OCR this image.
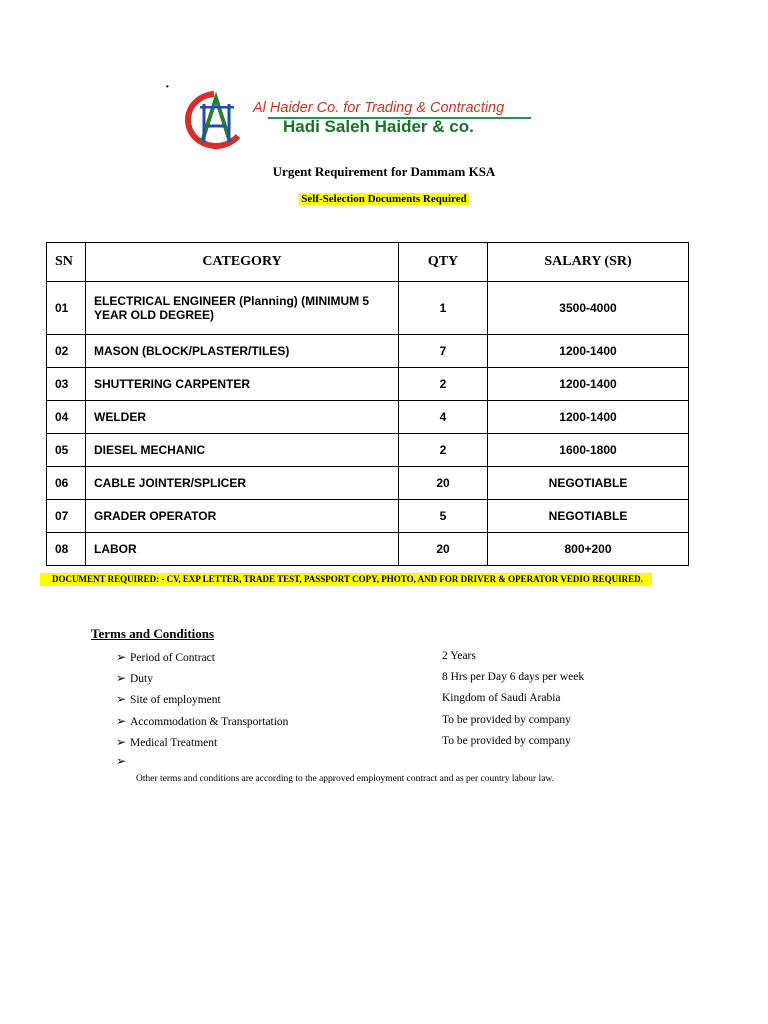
•
Al Haider Co. for Trading & Contracting
Hadi Saleh Haider & co.
Urgent Requirement for Dammam KSA
Self-Selection Documents Required
SN	CATEGORY	QTY	SALARY (SR)
01	ELECTRICAL ENGINEER (Planning) (MINIMUM 5 YEAR OLD DEGREE)	1	3500-4000
02	MASON (BLOCK/PLASTER/TILES)	7	1200-1400
03	SHUTTERING CARPENTER	2	1200-1400
04	WELDER	4	1200-1400
05	DIESEL MECHANIC	2	1600-1800
06	CABLE JOINTER/SPLICER	20	NEGOTIABLE
07	GRADER OPERATOR	5	NEGOTIABLE
08	LABOR	20	800+200
DOCUMENT REQUIRED: - CV, EXP LETTER, TRADE TEST, PASSPORT COPY, PHOTO, AND FOR DRIVER & OPERATOR VEDIO REQUIRED.
Terms and Conditions
➢ Period of Contract	2 Years
➢ Duty	8 Hrs per Day 6 days per week
➢ Site of employment	Kingdom of Saudi Arabia
➢ Accommodation & Transportation	To be provided by company
➢ Medical Treatment	To be provided by company
➢
Other terms and conditions are according to the approved employment contract and as per country labour law.
